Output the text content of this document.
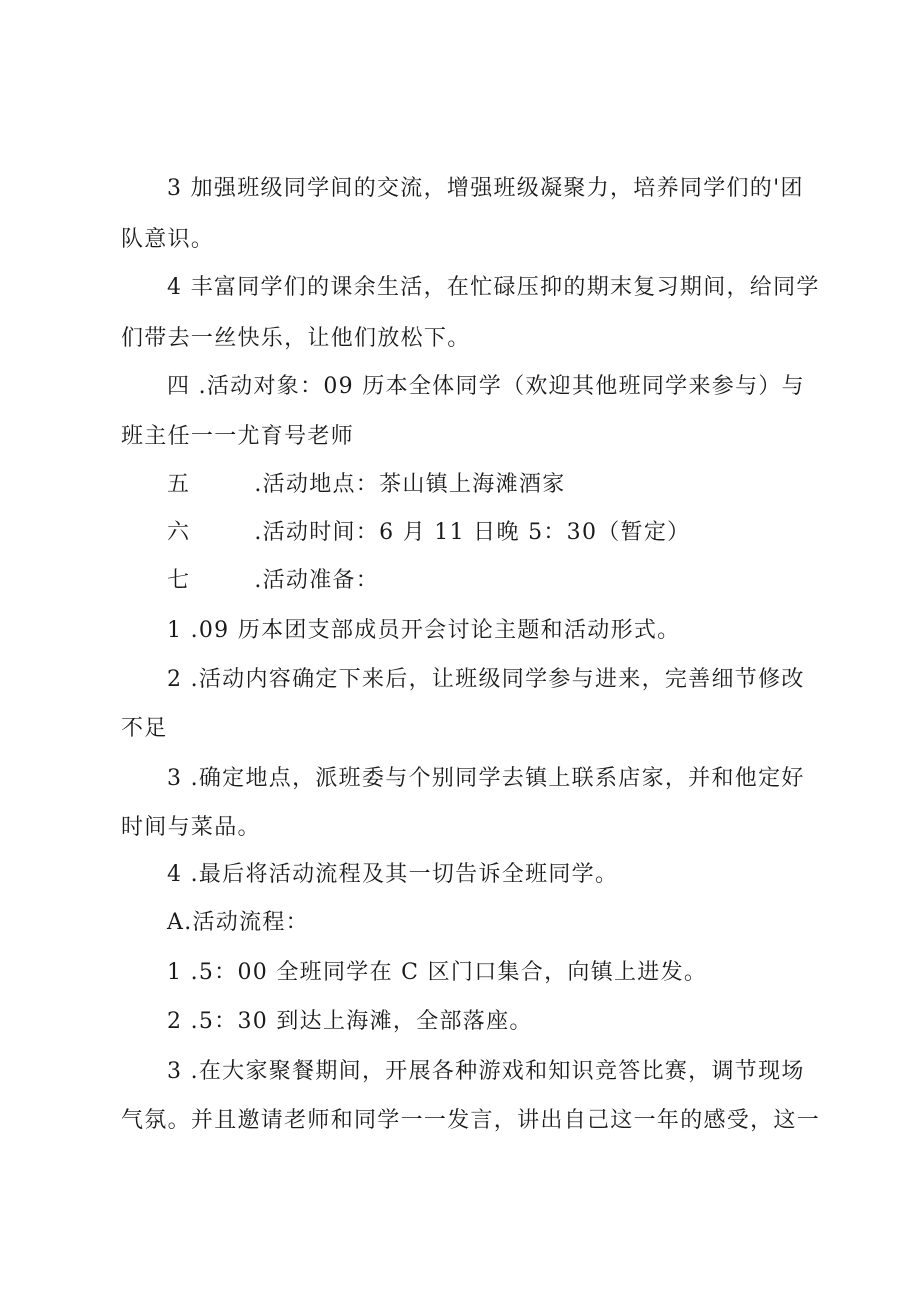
3 加强班级同学间的交流，增强班级凝聚力，培养同学们的'团
队意识。
4 丰富同学们的课余生活，在忙碌压抑的期末复习期间，给同学
们带去一丝快乐，让他们放松下。
四 .活动对象：09 历本全体同学（欢迎其他班同学来参与）与
班主任一一尤育号老师
五	.活动地点：茶山镇上海滩酒家
六	.活动时间：6 月 11 日晚 5：30（暂定）
七	.活动准备：
1 .09 历本团支部成员开会讨论主题和活动形式。
2 .活动内容确定下来后，让班级同学参与进来，完善细节修改
不足
3 .确定地点，派班委与个别同学去镇上联系店家，并和他定好
时间与菜品。
4 .最后将活动流程及其一切告诉全班同学。
A.活动流程：
1 .5：00 全班同学在 C 区门口集合，向镇上进发。
2 .5：30 到达上海滩，全部落座。
3 .在大家聚餐期间，开展各种游戏和知识竞答比赛，调节现场
气氛。并且邀请老师和同学一一发言，讲出自己这一年的感受，这一
